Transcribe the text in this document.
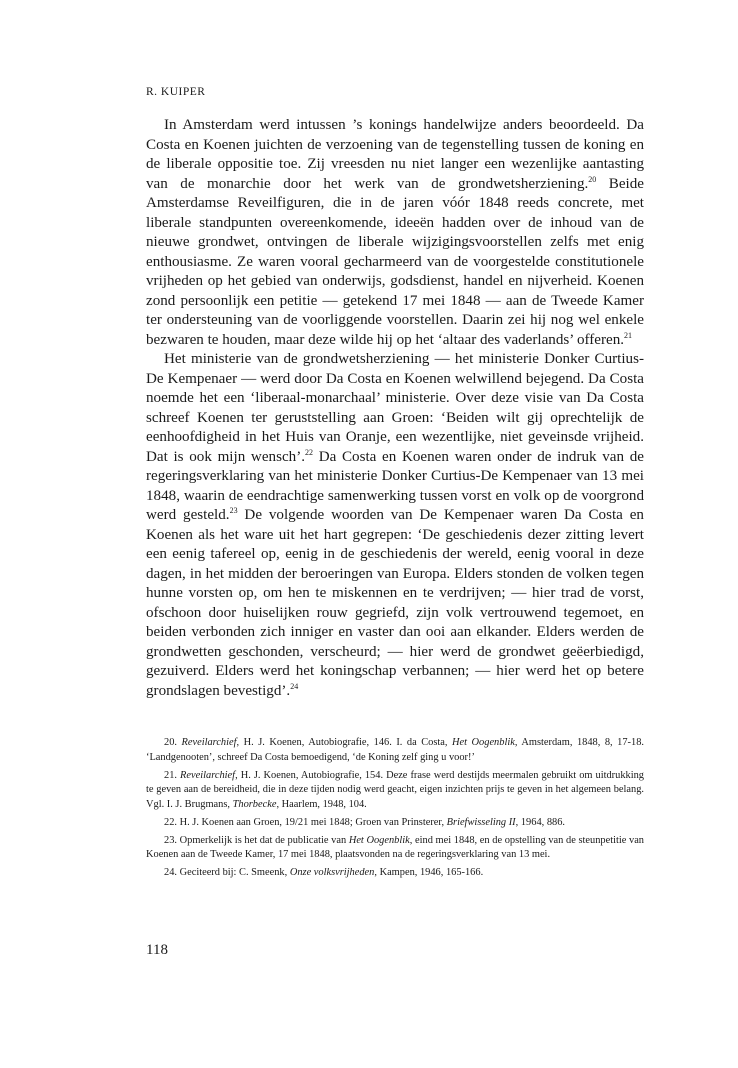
R. KUIPER

In Amsterdam werd intussen ’s konings handelwijze anders beoordeeld. Da Costa en Koenen juichten de verzoening van de tegenstelling tussen de koning en de liberale oppositie toe. Zij vreesden nu niet langer een wezenlijke aantasting van de monarchie door het werk van de grondwetsherziening.$^{20}$ Beide Amsterdamse Reveilfiguren, die in de jaren vóór 1848 reeds concrete, met liberale standpunten overeenkomende, ideeën hadden over de inhoud van de nieuwe grondwet, ontvingen de liberale wijzigingsvoorstellen zelfs met enig enthousiasme. Ze waren vooral gecharmeerd van de voorgestelde constitutionele vrijheden op het gebied van onderwijs, godsdienst, handel en nijverheid. Koenen zond persoonlijk een petitie — getekend 17 mei 1848 — aan de Tweede Kamer ter ondersteuning van de voorliggende voorstellen. Daarin zei hij nog wel enkele bezwaren te houden, maar deze wilde hij op het ‘altaar des vaderlands’ offeren.$^{21}$

Het ministerie van de grondwetsherziening — het ministerie Donker Curtius-De Kempenaer — werd door Da Costa en Koenen welwillend bejegend. Da Costa noemde het een ‘liberaal-monarchaal’ ministerie. Over deze visie van Da Costa schreef Koenen ter geruststelling aan Groen: ‘Beiden wilt gij oprechtelijk de eenhoofdigheid in het Huis van Oranje, een wezentlijke, niet geveinsde vrijheid. Dat is ook mijn wensch’.$^{22}$ Da Costa en Koenen waren onder de indruk van de regeringsverklaring van het ministerie Donker Curtius-De Kempenaer van 13 mei 1848, waarin de eendrachtige samenwerking tussen vorst en volk op de voorgrond werd gesteld.$^{23}$ De volgende woorden van De Kempenaer waren Da Costa en Koenen als het ware uit het hart gegrepen: ‘De geschiedenis dezer zitting levert een eenig tafereel op, eenig in de geschiedenis der wereld, eenig vooral in deze dagen, in het midden der beroeringen van Europa. Elders stonden de volken tegen hunne vorsten op, om hen te miskennen en te verdrijven; — hier trad de vorst, ofschoon door huiselijken rouw gegriefd, zijn volk vertrouwend tegemoet, en beiden verbonden zich inniger en vaster dan ooi aan elkander. Elders werden de grondwetten geschonden, verscheurd; — hier werd de grondwet geëerbiedigd, gezuiverd. Elders werd het koningschap verbannen; — hier werd het op betere grondslagen bevestigd’.$^{24}$

20. Reveilarchief, H. J. Koenen, Autobiografie, 146. I. da Costa, Het Oogenblik, Amsterdam, 1848, 8, 17-18. ‘Landgenooten’, schreef Da Costa bemoedigend, ‘de Koning zelf ging u voor!’

21. Reveilarchief, H. J. Koenen, Autobiografie, 154. Deze frase werd destijds meermalen gebruikt om uitdrukking te geven aan de bereidheid, die in deze tijden nodig werd geacht, eigen inzichten prijs te geven in het algemeen belang. Vgl. I. J. Brugmans, Thorbecke, Haarlem, 1948, 104.

22. H. J. Koenen aan Groen, 19/21 mei 1848; Groen van Prinsterer, Briefwisseling II, 1964, 886.

23. Opmerkelijk is het dat de publicatie van Het Oogenblik, eind mei 1848, en de opstelling van de steunpetitie van Koenen aan de Tweede Kamer, 17 mei 1848, plaatsvonden na de regeringsverklaring van 13 mei.

24. Geciteerd bij: C. Smeenk, Onze volksvrijheden, Kampen, 1946, 165-166.

118
